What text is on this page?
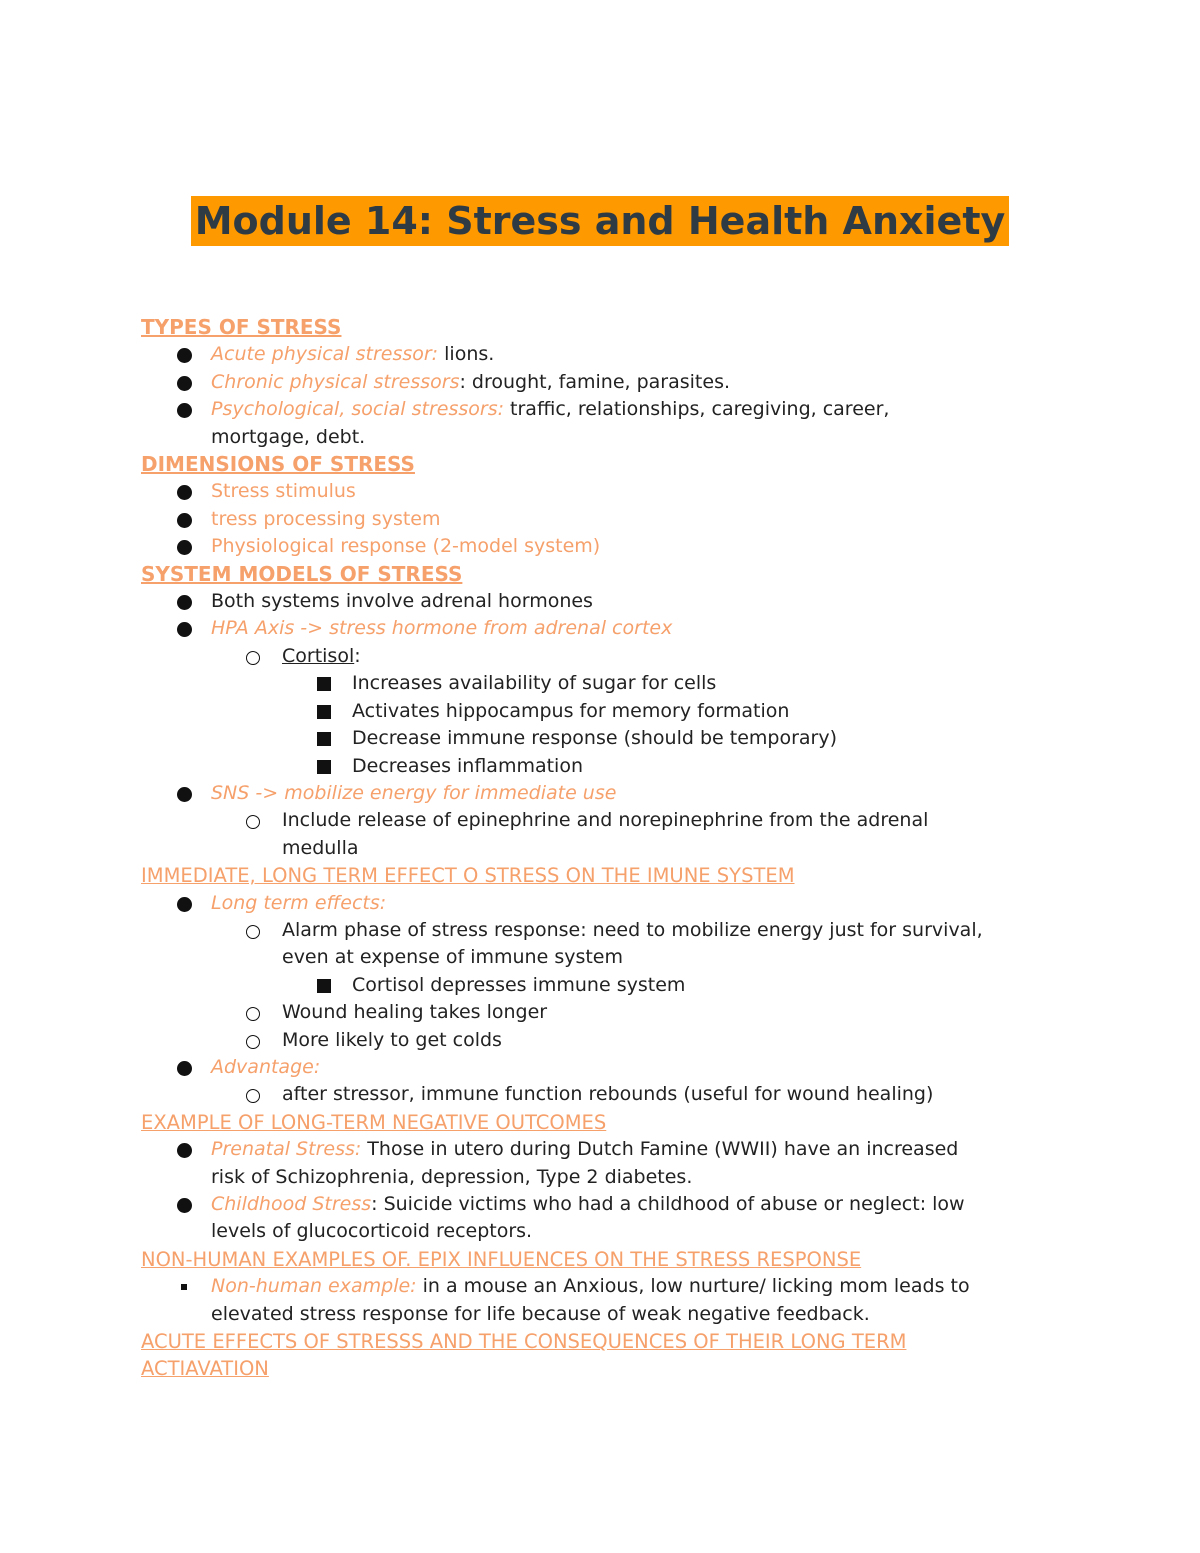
Module 14: Stress and Health Anxiety
TYPES OF STRESS
Acute physical stressor: lions.
Chronic physical stressors: drought, famine, parasites.
Psychological, social stressors: traffic, relationships, caregiving, career,
mortgage, debt.
DIMENSIONS OF STRESS
Stress stimulus
tress processing system
Physiological response (2-model system)
SYSTEM MODELS OF STRESS
Both systems involve adrenal hormones
HPA Axis -> stress hormone from adrenal cortex
Cortisol:
Increases availability of sugar for cells
Activates hippocampus for memory formation
Decrease immune response (should be temporary)
Decreases inflammation
SNS -> mobilize energy for immediate use
Include release of epinephrine and norepinephrine from the adrenal
medulla
IMMEDIATE, LONG TERM EFFECT O STRESS ON THE IMUNE SYSTEM
Long term effects:
Alarm phase of stress response: need to mobilize energy just for survival,
even at expense of immune system
Cortisol depresses immune system
Wound healing takes longer
More likely to get colds
Advantage:
after stressor, immune function rebounds (useful for wound healing)
EXAMPLE OF LONG-TERM NEGATIVE OUTCOMES
Prenatal Stress: Those in utero during Dutch Famine (WWII) have an increased
risk of Schizophrenia, depression, Type 2 diabetes.
Childhood Stress: Suicide victims who had a childhood of abuse or neglect: low
levels of glucocorticoid receptors.
NON-HUMAN EXAMPLES OF. EPIX INFLUENCES ON THE STRESS RESPONSE
Non-human example: in a mouse an Anxious, low nurture/ licking mom leads to
elevated stress response for life because of weak negative feedback.
ACUTE EFFECTS OF STRESSS AND THE CONSEQUENCES OF THEIR LONG TERM
ACTIAVATION
